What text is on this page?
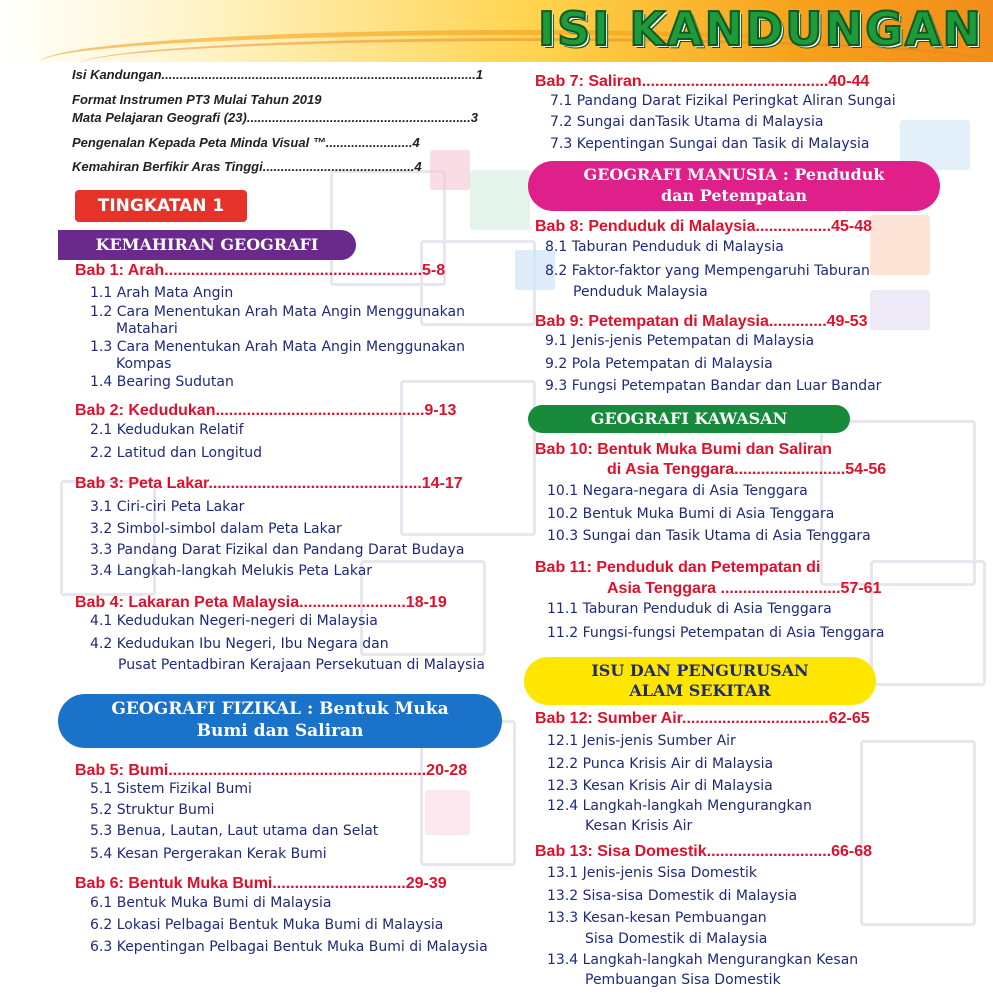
ISI KANDUNGAN
Isi Kandungan.......................................................................................1
Format Instrumen PT3 Mulai Tahun 2019
Mata Pelajaran Geografi (23)..............................................................3
Pengenalan Kepada Peta Minda Visual ™........................4
Kemahiran Berfikir Aras Tinggi..........................................4
TINGKATAN 1
KEMAHIRAN GEOGRAFI
Bab 1: Arah..........................................................5-8
1.1 Arah Mata Angin
1.2 Cara Menentukan Arah Mata Angin Menggunakan
Matahari
1.3 Cara Menentukan Arah Mata Angin Menggunakan
Kompas
1.4 Bearing Sudutan
Bab 2: Kedudukan...............................................9-13
2.1 Kedudukan Relatif
2.2 Latitud dan Longitud
Bab 3: Peta Lakar................................................14-17
3.1 Ciri-ciri Peta Lakar
3.2 Simbol-simbol dalam Peta Lakar
3.3 Pandang Darat Fizikal dan Pandang Darat Budaya
3.4 Langkah-langkah Melukis Peta Lakar
Bab 4: Lakaran Peta Malaysia........................18-19
4.1 Kedudukan Negeri-negeri di Malaysia
4.2 Kedudukan Ibu Negeri, Ibu Negara dan
Pusat Pentadbiran Kerajaan Persekutuan di Malaysia
GEOGRAFI FIZIKAL : Bentuk Muka
Bumi dan Saliran
Bab 5: Bumi..........................................................20-28
5.1 Sistem Fizikal Bumi
5.2 Struktur Bumi
5.3 Benua, Lautan, Laut utama dan Selat
5.4 Kesan Pergerakan Kerak Bumi
Bab 6: Bentuk Muka Bumi..............................29-39
6.1 Bentuk Muka Bumi di Malaysia
6.2 Lokasi Pelbagai Bentuk Muka Bumi di Malaysia
6.3 Kepentingan Pelbagai Bentuk Muka Bumi di Malaysia
Bab 7: Saliran..........................................40-44
7.1 Pandang Darat Fizikal Peringkat Aliran Sungai
7.2 Sungai danTasik Utama di Malaysia
7.3 Kepentingan Sungai dan Tasik di Malaysia
GEOGRAFI MANUSIA : Penduduk
dan Petempatan
Bab 8: Penduduk di Malaysia.................45-48
8.1 Taburan Penduduk di Malaysia
8.2 Faktor-faktor yang Mempengaruhi Taburan
Penduduk Malaysia
Bab 9: Petempatan di Malaysia.............49-53
9.1 Jenis-jenis Petempatan di Malaysia
9.2 Pola Petempatan di Malaysia
9.3 Fungsi Petempatan Bandar dan Luar Bandar
GEOGRAFI KAWASAN
Bab 10: Bentuk Muka Bumi dan Saliran
di Asia Tenggara.........................54-56
10.1 Negara-negara di Asia Tenggara
10.2 Bentuk Muka Bumi di Asia Tenggara
10.3 Sungai dan Tasik Utama di Asia Tenggara
Bab 11: Penduduk dan Petempatan di
Asia Tenggara ...........................57-61
11.1 Taburan Penduduk di Asia Tenggara
11.2 Fungsi-fungsi Petempatan di Asia Tenggara
ISU DAN PENGURUSAN
ALAM SEKITAR
Bab 12: Sumber Air.................................62-65
12.1 Jenis-jenis Sumber Air
12.2 Punca Krisis Air di Malaysia
12.3 Kesan Krisis Air di Malaysia
12.4 Langkah-langkah Mengurangkan
Kesan Krisis Air
Bab 13: Sisa Domestik............................66-68
13.1 Jenis-jenis Sisa Domestik
13.2 Sisa-sisa Domestik di Malaysia
13.3 Kesan-kesan Pembuangan
Sisa Domestik di Malaysia
13.4 Langkah-langkah Mengurangkan Kesan
Pembuangan Sisa Domestik
